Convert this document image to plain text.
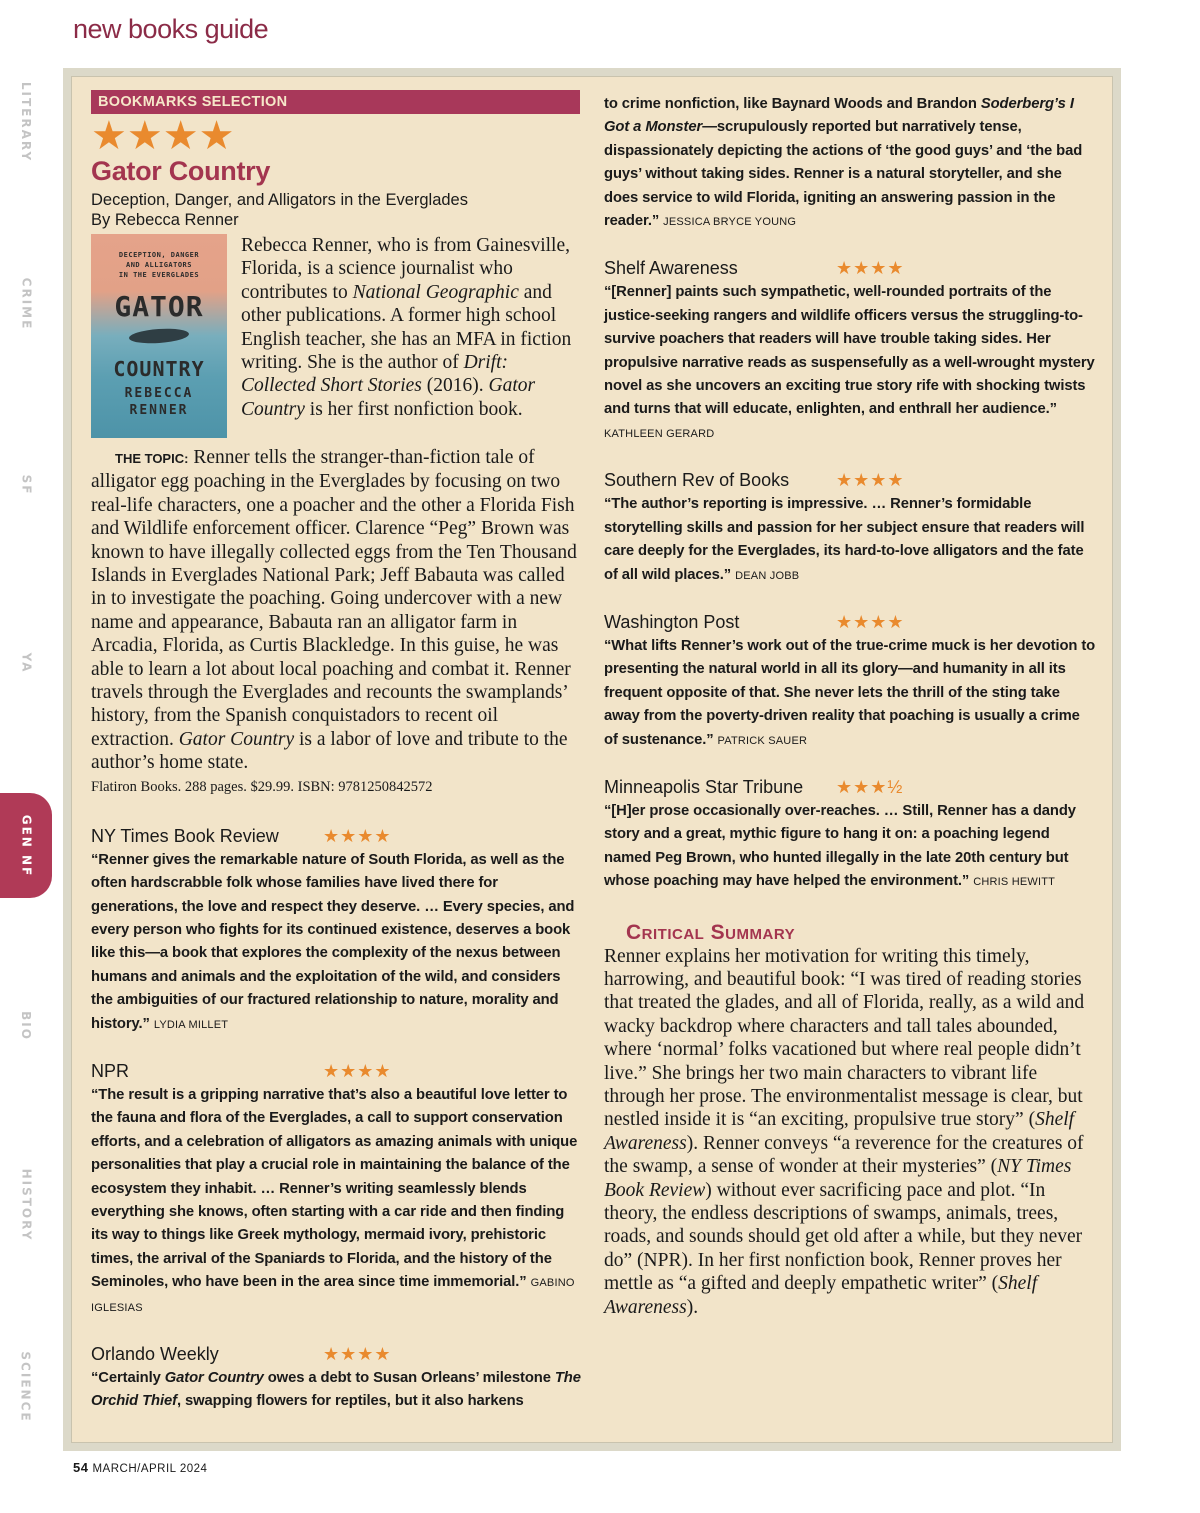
new books guide
LITERARY
CRIME
SF
YA
GEN NF
BIO
HISTORY
SCIENCE
BOOKMARKS SELECTION
★★★★
Gator Country
Deception, Danger, and Alligators in the Everglades
By Rebecca Renner
DECEPTION, DANGER
AND ALLIGATORS
IN THE EVERGLADES
GATOR
COUNTRY
REBECCA
RENNER
Rebecca Renner, who is from Gainesville, Florida, is a science journalist who contributes to National Geographic and other publications. A former high school English teacher, she has an MFA in fiction writing. She is the author of Drift: Collected Short Stories (2016). Gator Country is her first nonfiction book.
THE TOPIC: Renner tells the stranger-than-fiction tale of alligator egg poaching in the Everglades by focusing on two real-life characters, one a poacher and the other a Florida Fish and Wildlife enforcement officer. Clarence “Peg” Brown was known to have illegally collected eggs from the Ten Thousand Islands in Everglades National Park; Jeff Babauta was called in to investigate the poaching. Going undercover with a new name and appearance, Babauta ran an alligator farm in Arcadia, Florida, as Curtis Blackledge. In this guise, he was able to learn a lot about local poaching and combat it. Renner travels through the Everglades and recounts the swamplands’ history, from the Spanish conquistadors to recent oil extraction. Gator Country is a labor of love and tribute to the author’s home state.
Flatiron Books. 288 pages. $29.99. ISBN: 9781250842572
NY Times Book Review	★★★★
“Renner gives the remarkable nature of South Florida, as well as the often hardscrabble folk whose families have lived there for generations, the love and respect they deserve. … Every species, and every person who fights for its continued existence, deserves a book like this—a book that explores the complexity of the nexus between humans and animals and the exploitation of the wild, and considers the ambiguities of our fractured relationship to nature, morality and history.” LYDIA MILLET
NPR	★★★★
“The result is a gripping narrative that’s also a beautiful love letter to the fauna and flora of the Everglades, a call to support conservation efforts, and a celebration of alligators as amazing animals with unique personalities that play a crucial role in maintaining the balance of the ecosystem they inhabit. … Renner’s writing seamlessly blends everything she knows, often starting with a car ride and then finding its way to things like Greek mythology, mermaid ivory, prehistoric times, the arrival of the Spaniards to Florida, and the history of the Seminoles, who have been in the area since time immemorial.” GABINO IGLESIAS
Orlando Weekly	★★★★
“Certainly Gator Country owes a debt to Susan Orleans’ milestone The Orchid Thief, swapping flowers for reptiles, but it also harkens
to crime nonfiction, like Baynard Woods and Brandon Soderberg’s I Got a Monster—scrupulously reported but narratively tense, dispassionately depicting the actions of ‘the good guys’ and ‘the bad guys’ without taking sides. Renner is a natural storyteller, and she does service to wild Florida, igniting an answering passion in the reader.” JESSICA BRYCE YOUNG
Shelf Awareness	★★★★
“[Renner] paints such sympathetic, well-rounded portraits of the justice-seeking rangers and wildlife officers versus the struggling-to-survive poachers that readers will have trouble taking sides. Her propulsive narrative reads as suspensefully as a well-wrought mystery novel as she uncovers an exciting true story rife with shocking twists and turns that will educate, enlighten, and enthrall her audience.” KATHLEEN GERARD
Southern Rev of Books	★★★★
“The author’s reporting is impressive. … Renner’s formidable storytelling skills and passion for her subject ensure that readers will care deeply for the Everglades, its hard-to-love alligators and the fate of all wild places.” DEAN JOBB
Washington Post	★★★★
“What lifts Renner’s work out of the true-crime muck is her devotion to presenting the natural world in all its glory—and humanity in all its frequent opposite of that. She never lets the thrill of the sting take away from the poverty-driven reality that poaching is usually a crime of sustenance.” PATRICK SAUER
Minneapolis Star Tribune	★★★½
“[H]er prose occasionally over-reaches. … Still, Renner has a dandy story and a great, mythic figure to hang it on: a poaching legend named Peg Brown, who hunted illegally in the late 20th century but whose poaching may have helped the environment.” CHRIS HEWITT
Critical Summary
Renner explains her motivation for writing this timely, harrowing, and beautiful book: “I was tired of reading stories that treated the glades, and all of Florida, really, as a wild and wacky backdrop where characters and tall tales abounded, where ‘normal’ folks vacationed but where real people didn’t live.” She brings her two main characters to vibrant life through her prose. The environmentalist message is clear, but nestled inside it is “an exciting, propulsive true story” (Shelf Awareness). Renner conveys “a reverence for the creatures of the swamp, a sense of wonder at their mysteries” (NY Times Book Review) without ever sacrificing pace and plot. “In theory, the endless descriptions of swamps, animals, trees, roads, and sounds should get old after a while, but they never do” (NPR). In her first nonfiction book, Renner proves her mettle as “a gifted and deeply empathetic writer” (Shelf Awareness).
54 MARCH/APRIL 2024
